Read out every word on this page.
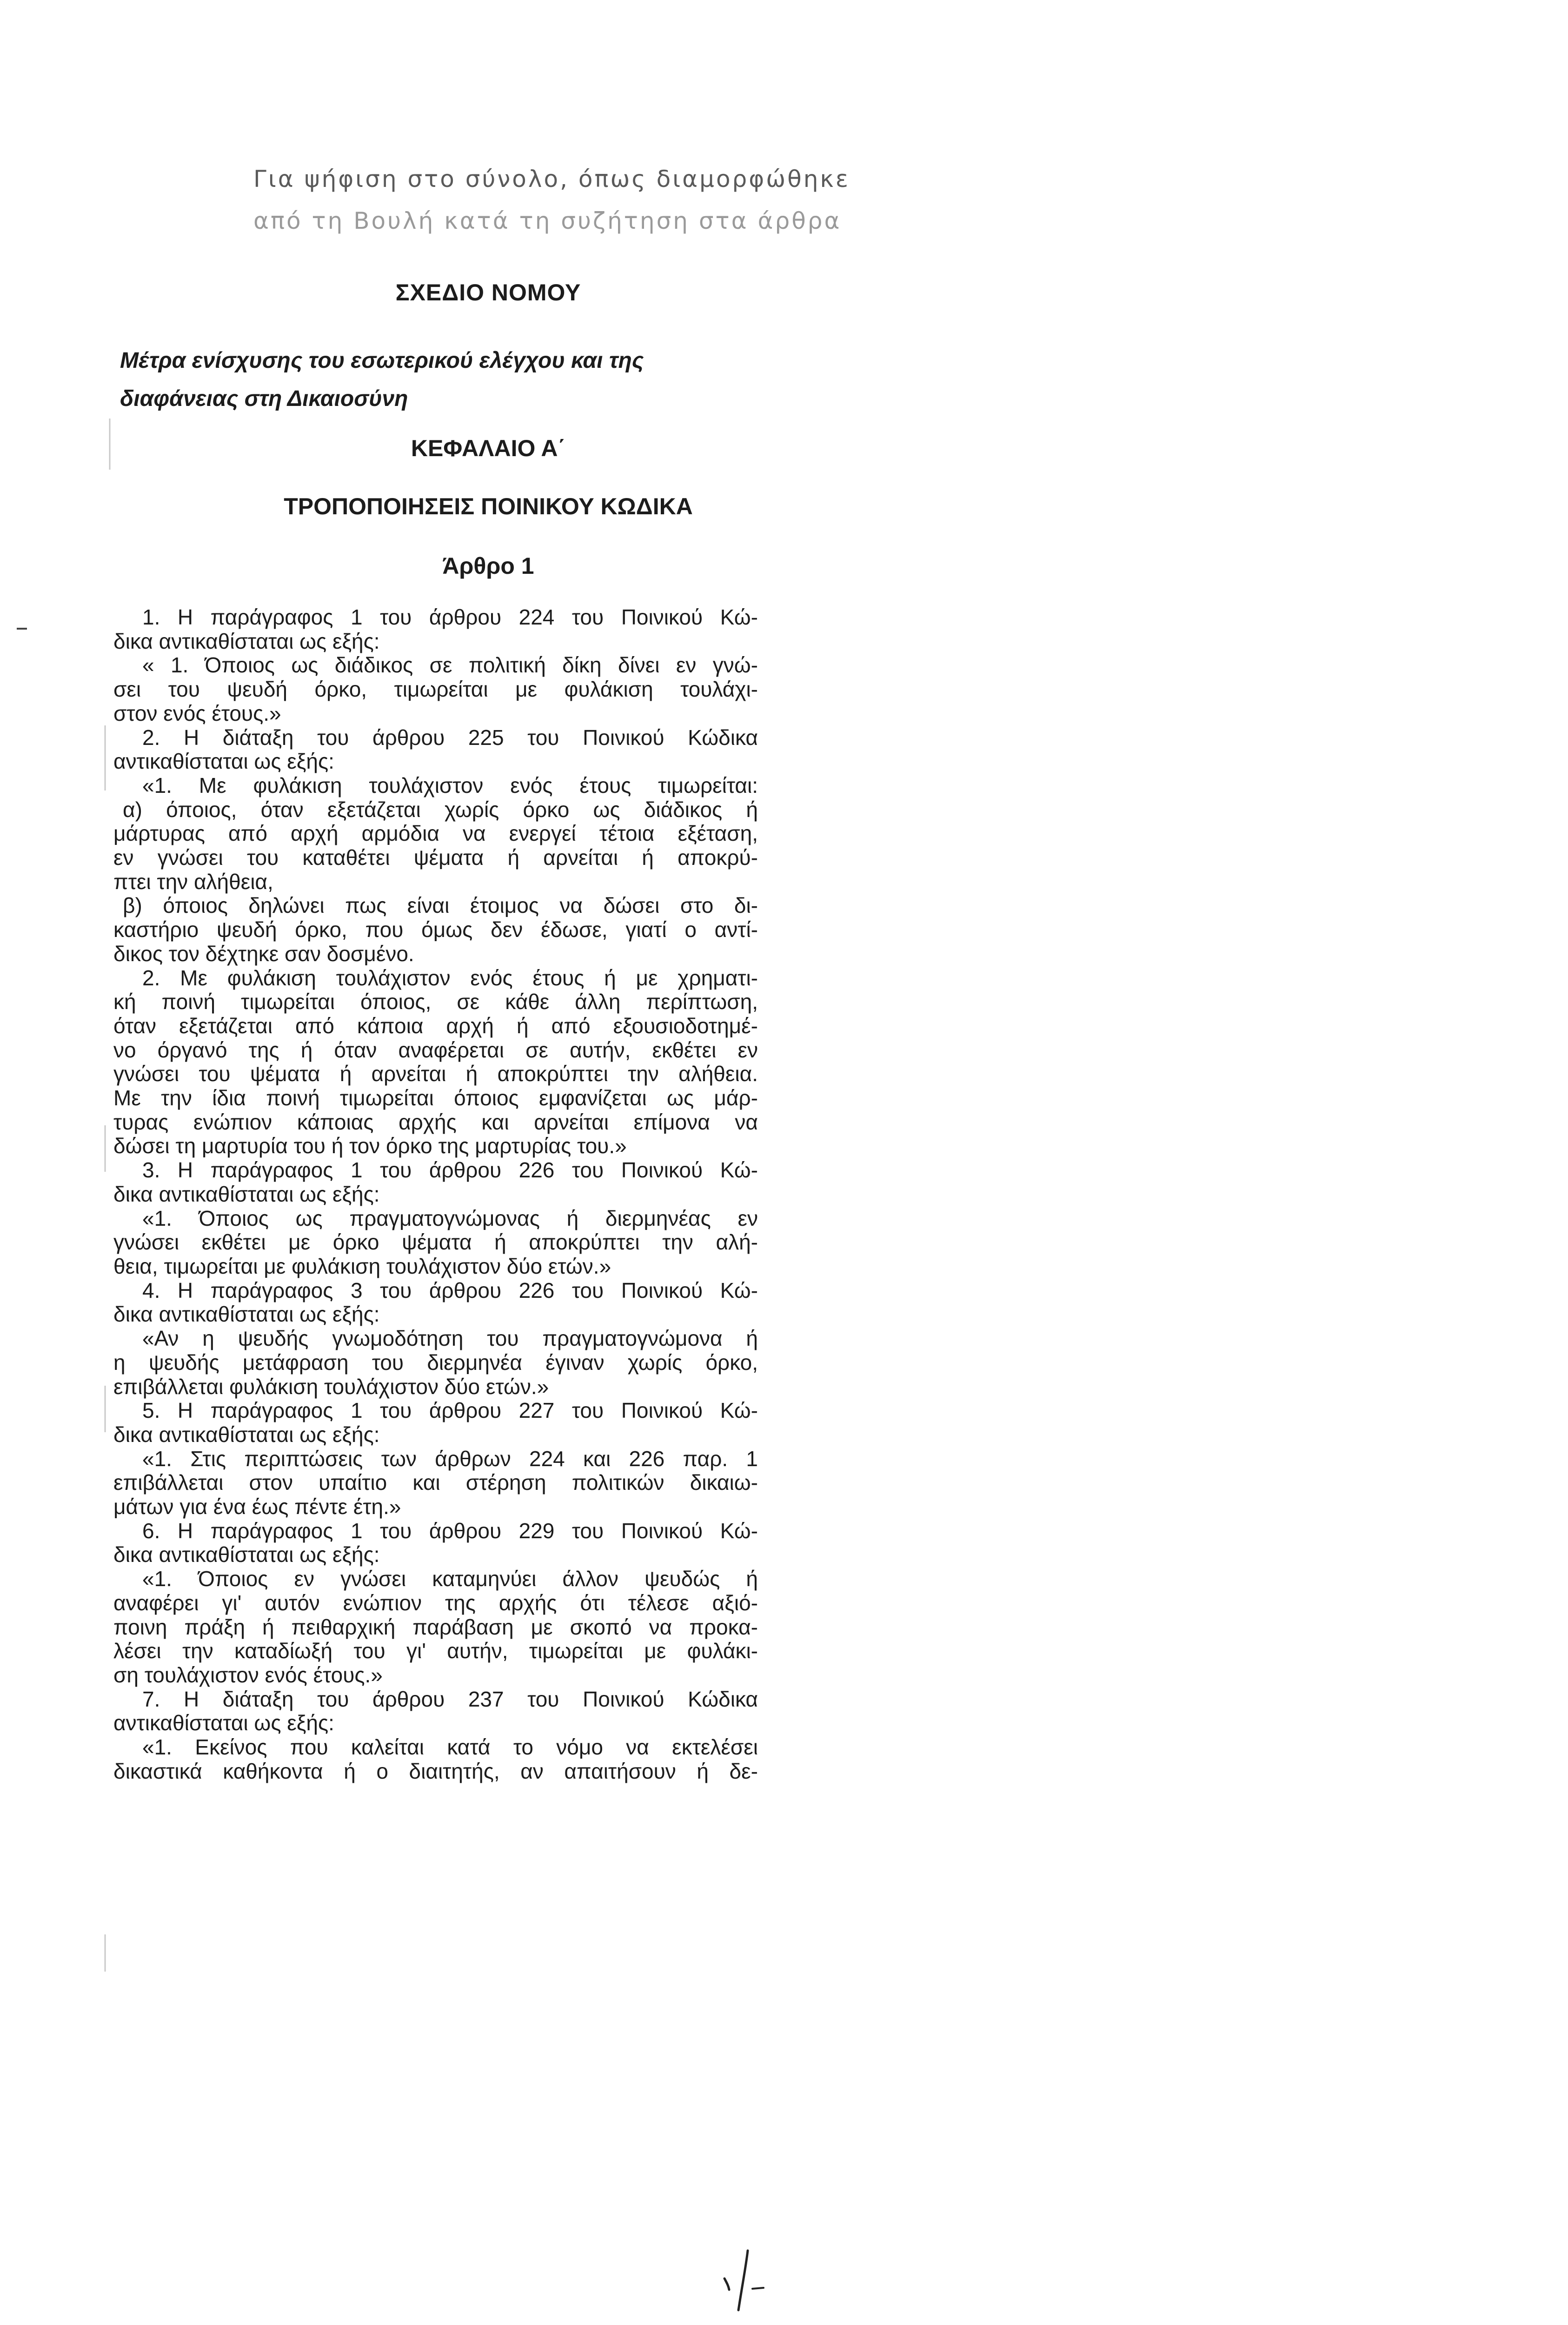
Για ψήφιση στο σύνολο, όπως διαμορφώθηκε
από τη Βουλή κατά τη συζήτηση στα άρθρα
ΣΧΕΔΙΟ ΝΟΜΟΥ
Μέτρα ενίσχυσης του εσωτερικού ελέγχου και της
διαφάνειας στη Δικαιοσύνη
ΚΕΦΑΛΑΙΟ Α΄
ΤΡΟΠΟΠΟΙΗΣΕΙΣ ΠΟΙΝΙΚΟΥ ΚΩΔΙΚΑ
Άρθρο 1
1. Η παράγραφος 1 του άρθρου 224 του Ποινικού Κώ-
δικα αντικαθίσταται ως εξής:
« 1. Όποιος ως διάδικος σε πολιτική δίκη δίνει εν γνώ-
σει του ψευδή όρκο, τιμωρείται με φυλάκιση τουλάχι-
στον ενός έτους.»
2. Η διάταξη του άρθρου 225 του Ποινικού Κώδικα
αντικαθίσταται ως εξής:
«1. Με φυλάκιση τουλάχιστον ενός έτους τιμωρείται:
α) όποιος, όταν εξετάζεται χωρίς όρκο ως διάδικος ή
μάρτυρας από αρχή αρμόδια να ενεργεί τέτοια εξέταση,
εν γνώσει του καταθέτει ψέματα ή αρνείται ή αποκρύ-
πτει την αλήθεια,
β) όποιος δηλώνει πως είναι έτοιμος να δώσει στο δι-
καστήριο ψευδή όρκο, που όμως δεν έδωσε, γιατί ο αντί-
δικος τον δέχτηκε σαν δοσμένο.
2. Με φυλάκιση τουλάχιστον ενός έτους ή με χρηματι-
κή ποινή τιμωρείται όποιος, σε κάθε άλλη περίπτωση,
όταν εξετάζεται από κάποια αρχή ή από εξουσιοδοτημέ-
νο όργανό της ή όταν αναφέρεται σε αυτήν, εκθέτει εν
γνώσει του ψέματα ή αρνείται ή αποκρύπτει την αλήθεια.
Με την ίδια ποινή τιμωρείται όποιος εμφανίζεται ως μάρ-
τυρας ενώπιον κάποιας αρχής και αρνείται επίμονα να
δώσει τη μαρτυρία του ή τον όρκο της μαρτυρίας του.»
3. Η παράγραφος 1 του άρθρου 226 του Ποινικού Κώ-
δικα αντικαθίσταται ως εξής:
«1. Όποιος ως πραγματογνώμονας ή διερμηνέας εν
γνώσει εκθέτει με όρκο ψέματα ή αποκρύπτει την αλή-
θεια, τιμωρείται με φυλάκιση τουλάχιστον δύο ετών.»
4. Η παράγραφος 3 του άρθρου 226 του Ποινικού Κώ-
δικα αντικαθίσταται ως εξής:
«Αν η ψευδής γνωμοδότηση του πραγματογνώμονα ή
η ψευδής μετάφραση του διερμηνέα έγιναν χωρίς όρκο,
επιβάλλεται φυλάκιση τουλάχιστον δύο ετών.»
5. Η παράγραφος 1 του άρθρου 227 του Ποινικού Κώ-
δικα αντικαθίσταται ως εξής:
«1. Στις περιπτώσεις των άρθρων 224 και 226 παρ. 1
επιβάλλεται στον υπαίτιο και στέρηση πολιτικών δικαιω-
μάτων για ένα έως πέντε έτη.»
6. Η παράγραφος 1 του άρθρου 229 του Ποινικού Κώ-
δικα αντικαθίσταται ως εξής:
«1. Όποιος εν γνώσει καταμηνύει άλλον ψευδώς ή
αναφέρει γι' αυτόν ενώπιον της αρχής ότι τέλεσε αξιό-
ποινη πράξη ή πειθαρχική παράβαση με σκοπό να προκα-
λέσει την καταδίωξή του γι' αυτήν, τιμωρείται με φυλάκι-
ση τουλάχιστον ενός έτους.»
7. Η διάταξη του άρθρου 237 του Ποινικού Κώδικα
αντικαθίσταται ως εξής:
«1. Εκείνος που καλείται κατά το νόμο να εκτελέσει
δικαστικά καθήκοντα ή ο διαιτητής, αν απαιτήσουν ή δε-
